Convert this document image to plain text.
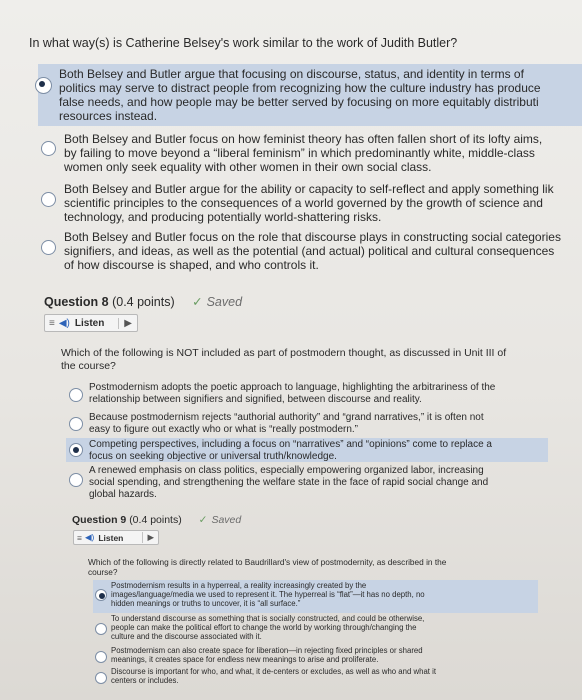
In what way(s) is Catherine Belsey's work similar to the work of Judith Butler?
Both Belsey and Butler argue that focusing on discourse, status, and identity in terms of
politics may serve to distract people from recognizing how the culture industry has produce
false needs, and how people may be better served by focusing on more equitably distributi
resources instead.
Both Belsey and Butler focus on how feminist theory has often fallen short of its lofty aims,
by failing to move beyond a “liberal feminism” in which predominantly white, middle-class
women only seek equality with other women in their own social class.
Both Belsey and Butler argue for the ability or capacity to self-reflect and apply something lik
scientific principles to the consequences of a world governed by the growth of science and
technology, and producing potentially world-shattering risks.
Both Belsey and Butler focus on the role that discourse plays in constructing social categories
signifiers, and ideas, as well as the potential (and actual) political and cultural consequences
of how discourse is shaped, and who controls it.
Question 8 (0.4 points) ✓ Saved
≡ ◀) Listen	▶
Which of the following is NOT included as part of postmodern thought, as discussed in Unit III of
the course?
Postmodernism adopts the poetic approach to language, highlighting the arbitrariness of the
relationship between signifiers and signified, between discourse and reality.
Because postmodernism rejects “authorial authority” and “grand narratives,” it is often not
easy to figure out exactly who or what is “really postmodern.”
Competing perspectives, including a focus on “narratives” and “opinions” come to replace a
focus on seeking objective or universal truth/knowledge.
A renewed emphasis on class politics, especially empowering organized labor, increasing
social spending, and strengthening the welfare state in the face of rapid social change and
global hazards.
Question 9 (0.4 points) ✓ Saved
≡ ◀) Listen	▶
Which of the following is directly related to Baudrillard's view of postmodernity, as described in the
course?
Postmodernism results in a hyperreal, a reality increasingly created by the
images/language/media we used to represent it. The hyperreal is “flat”—it has no depth, no
hidden meanings or truths to uncover, it is “all surface.”
To understand discourse as something that is socially constructed, and could be otherwise,
people can make the political effort to change the world by working through/changing the
culture and the discourse associated with it.
Postmodernism can also create space for liberation—in rejecting fixed principles or shared
meanings, it creates space for endless new meanings to arise and proliferate.
Discourse is important for who, and what, it de-centers or excludes, as well as who and what it
centers or includes.
